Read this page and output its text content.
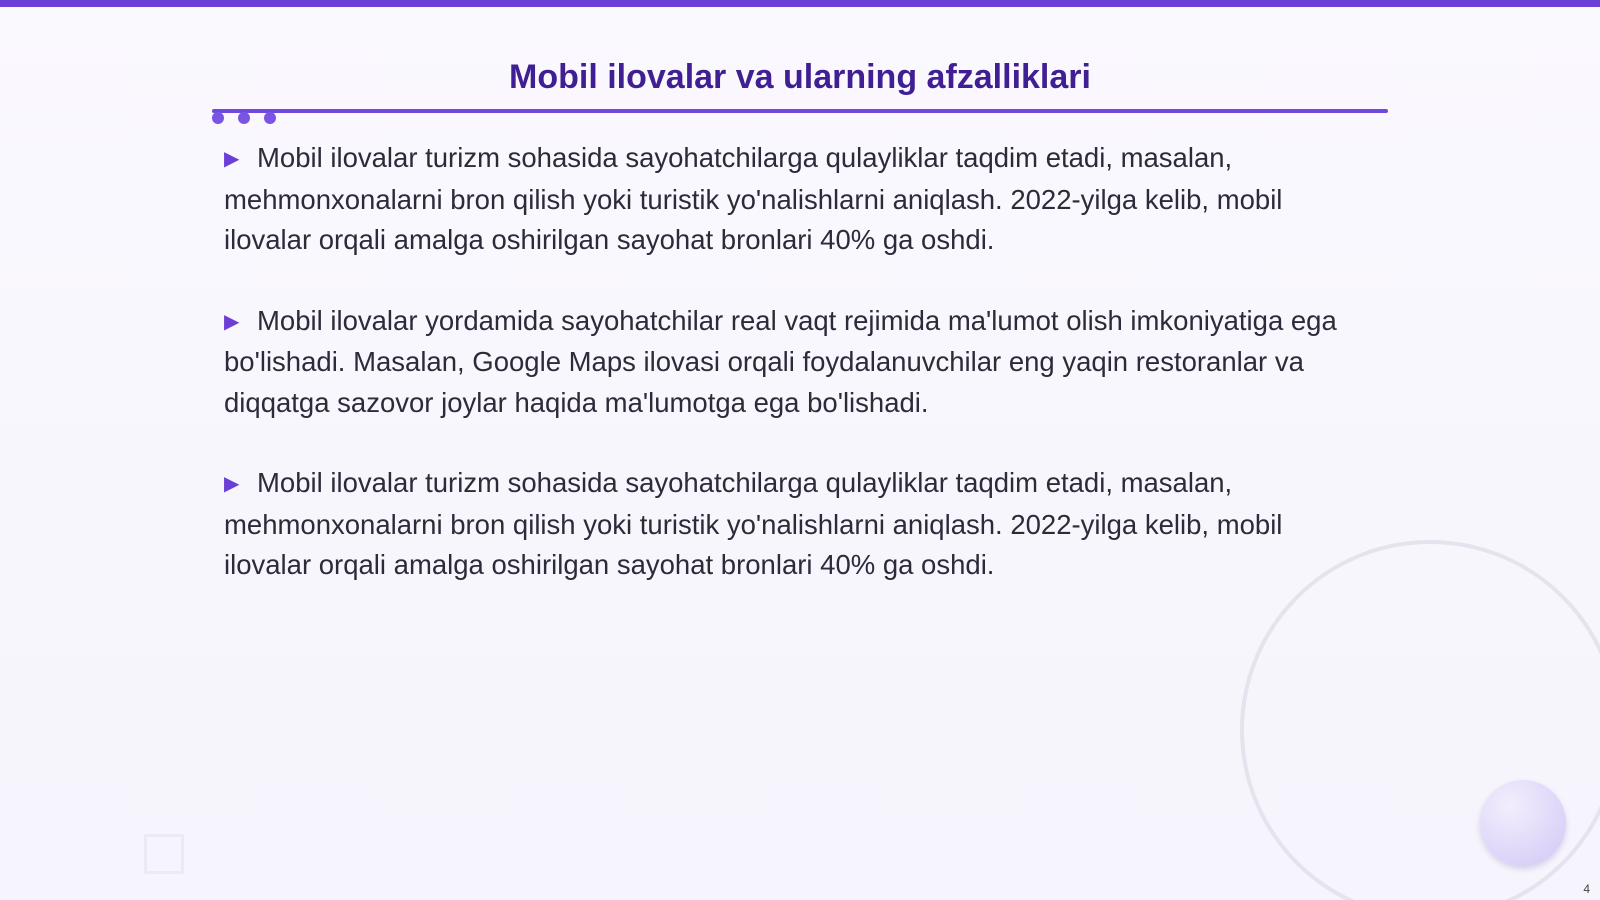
Mobil ilovalar va ularning afzalliklari

▶ Mobil ilovalar turizm sohasida sayohatchilarga qulayliklar taqdim etadi, masalan, mehmonxonalarni bron qilish yoki turistik yo'nalishlarni aniqlash. 2022-yilga kelib, mobil ilovalar orqali amalga oshirilgan sayohat bronlari 40% ga oshdi.

▶ Mobil ilovalar yordamida sayohatchilar real vaqt rejimida ma'lumot olish imkoniyatiga ega bo'lishadi. Masalan, Google Maps ilovasi orqali foydalanuvchilar eng yaqin restoranlar va diqqatga sazovor joylar haqida ma'lumotga ega bo'lishadi.

▶ Mobil ilovalar turizm sohasida sayohatchilarga qulayliklar taqdim etadi, masalan, mehmonxonalarni bron qilish yoki turistik yo'nalishlarni aniqlash. 2022-yilga kelib, mobil ilovalar orqali amalga oshirilgan sayohat bronlari 40% ga oshdi.

4
